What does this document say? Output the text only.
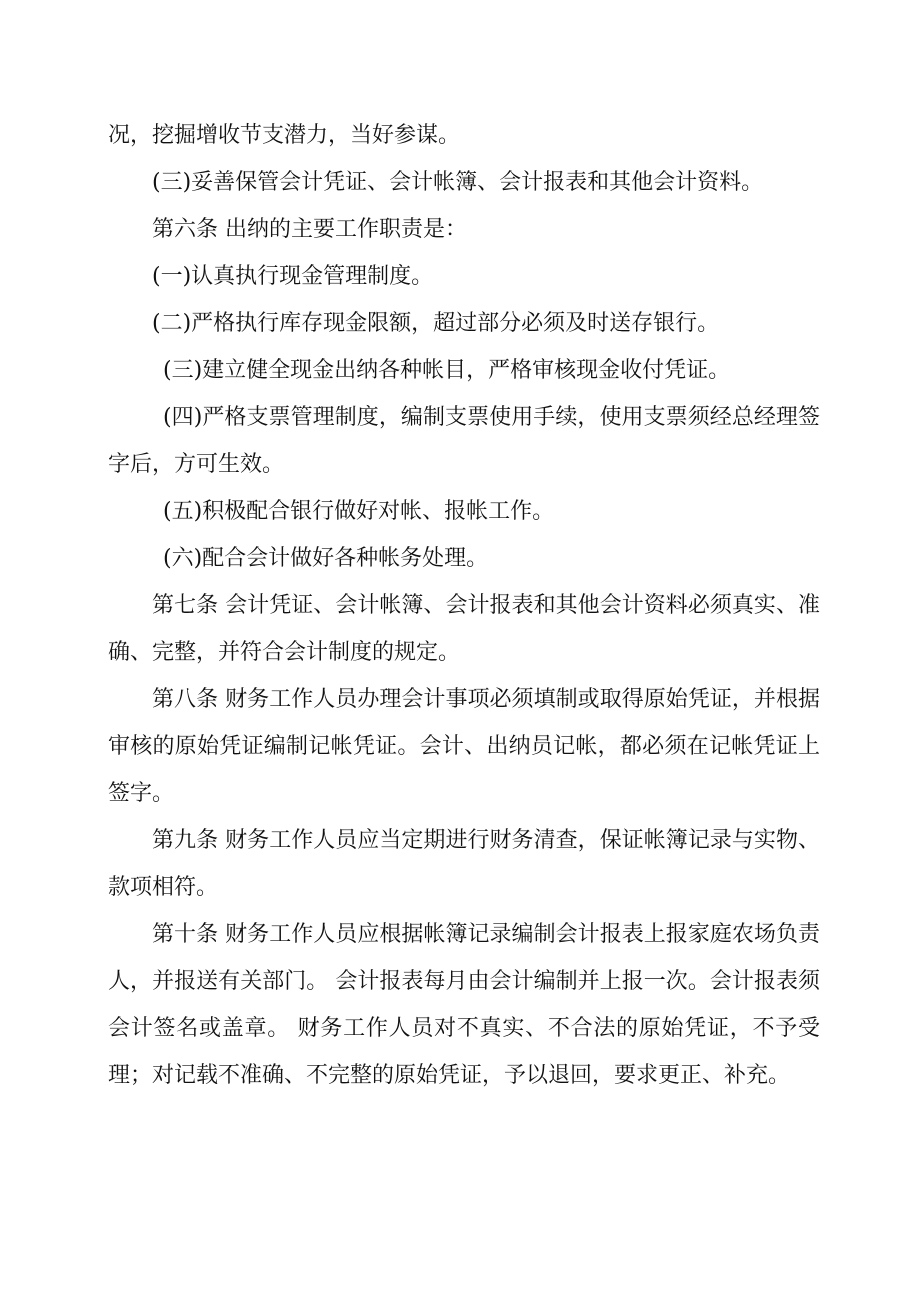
况，挖掘增收节支潜力，当好参谋。

(三)妥善保管会计凭证、会计帐簿、会计报表和其他会计资料。

第六条 出纳的主要工作职责是：

(一)认真执行现金管理制度。

(二)严格执行库存现金限额，超过部分必须及时送存银行。

(三)建立健全现金出纳各种帐目，严格审核现金收付凭证。

(四)严格支票管理制度，编制支票使用手续，使用支票须经总经理签字后，方可生效。

(五)积极配合银行做好对帐、报帐工作。

(六)配合会计做好各种帐务处理。

第七条 会计凭证、会计帐簿、会计报表和其他会计资料必须真实、准确、完整，并符合会计制度的规定。

第八条 财务工作人员办理会计事项必须填制或取得原始凭证，并根据审核的原始凭证编制记帐凭证。会计、出纳员记帐，都必须在记帐凭证上签字。

第九条 财务工作人员应当定期进行财务清查，保证帐簿记录与实物、款项相符。

第十条 财务工作人员应根据帐簿记录编制会计报表上报家庭农场负责人，并报送有关部门。 会计报表每月由会计编制并上报一次。会计报表须会计签名或盖章。 财务工作人员对不真实、不合法的原始凭证，不予受理；对记载不准确、不完整的原始凭证，予以退回，要求更正、补充。
